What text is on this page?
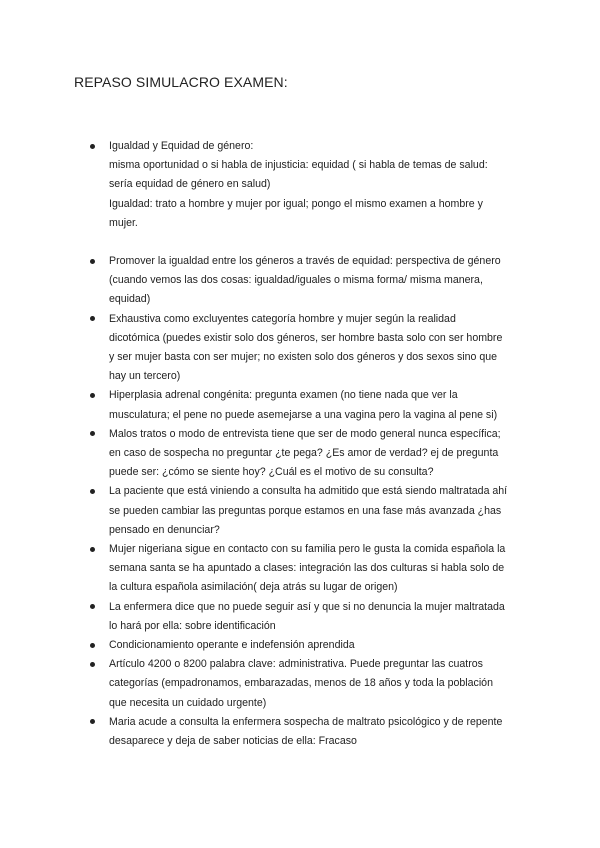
REPASO SIMULACRO EXAMEN:
Igualdad y Equidad de género:
misma oportunidad o si habla de injusticia: equidad ( si habla de temas de salud:
sería equidad de género en salud)
Igualdad: trato a hombre y mujer por igual; pongo el mismo examen a hombre y
mujer.
Promover la igualdad entre los géneros a través de equidad: perspectiva de género
(cuando vemos las dos cosas: igualdad/iguales o misma forma/ misma manera,
equidad)
Exhaustiva como excluyentes categoría hombre y mujer según la realidad
dicotómica (puedes existir solo dos géneros, ser hombre basta solo con ser hombre
y ser mujer basta con ser mujer; no existen solo dos géneros y dos sexos sino que
hay un tercero)
Hiperplasia adrenal congénita: pregunta examen (no tiene nada que ver la
musculatura; el pene no puede asemejarse a una vagina pero la vagina al pene si)
Malos tratos o modo de entrevista tiene que ser de modo general nunca específica;
en caso de sospecha no preguntar ¿te pega? ¿Es amor de verdad? ej de pregunta
puede ser: ¿cómo se siente hoy? ¿Cuál es el motivo de su consulta?
La paciente que está viniendo a consulta ha admitido que está siendo maltratada ahí
se pueden cambiar las preguntas porque estamos en una fase más avanzada ¿has
pensado en denunciar?
Mujer nigeriana sigue en contacto con su familia pero le gusta la comida española la
semana santa se ha apuntado a clases: integración las dos culturas si habla solo de
la cultura española asimilación( deja atrás su lugar de origen)
La enfermera dice que no puede seguir así y que si no denuncia la mujer maltratada
lo hará por ella: sobre identificación
Condicionamiento operante e indefensión aprendida
Artículo 4200 o 8200 palabra clave: administrativa. Puede preguntar las cuatros
categorías (empadronamos, embarazadas, menos de 18 años y toda la población
que necesita un cuidado urgente)
Maria acude a consulta la enfermera sospecha de maltrato psicológico y de repente
desaparece y deja de saber noticias de ella: Fracaso
